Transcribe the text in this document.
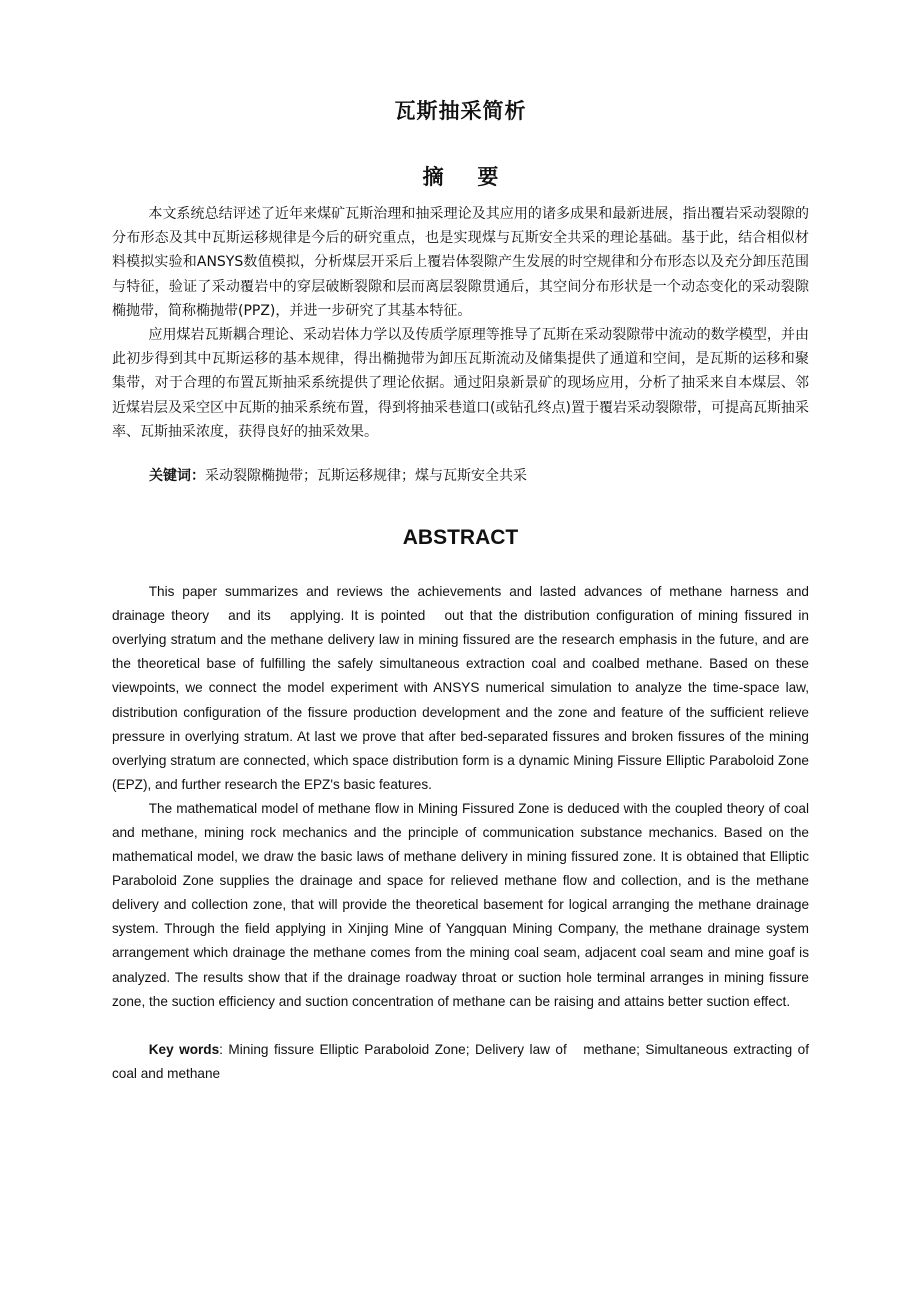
瓦斯抽采简析
摘 要

本文系统总结评述了近年来煤矿瓦斯治理和抽采理论及其应用的诸多成果和最新进展，指出覆岩采动裂隙的分布形态及其中瓦斯运移规律是今后的研究重点，也是实现煤与瓦斯安全共采的理论基础。基于此，结合相似材料模拟实验和ANSYS数值模拟，分析煤层开采后上覆岩体裂隙产生发展的时空规律和分布形态以及充分卸压范围与特征，验证了采动覆岩中的穿层破断裂隙和层而离层裂隙贯通后，其空间分布形状是一个动态变化的采动裂隙椭抛带，简称椭抛带(PPZ)，并进一步研究了其基本特征。

应用煤岩瓦斯耦合理论、采动岩体力学以及传质学原理等推导了瓦斯在采动裂隙带中流动的数学模型，并由此初步得到其中瓦斯运移的基本规律，得出椭抛带为卸压瓦斯流动及储集提供了通道和空间，是瓦斯的运移和聚集带，对于合理的布置瓦斯抽采系统提供了理论依据。通过阳泉新景矿的现场应用，分析了抽采来自本煤层、邻近煤岩层及采空区中瓦斯的抽采系统布置，得到将抽采巷道口(或钻孔终点)置于覆岩采动裂隙带，可提高瓦斯抽采率、瓦斯抽采浓度，获得良好的抽采效果。

关键词：采动裂隙椭抛带；瓦斯运移规律；煤与瓦斯安全共采

ABSTRACT

This paper summarizes and reviews the achievements and lasted advances of methane harness and drainage theory   and its   applying. It is pointed   out that the distribution configuration of mining fissured in overlying stratum and the methane delivery law in mining fissured are the research emphasis in the future, and are the theoretical base of fulfilling the safely simultaneous extraction coal and coalbed methane. Based on these viewpoints, we connect the model experiment with ANSYS numerical simulation to analyze the time-space law, distribution configuration of the fissure production development and the zone and feature of the sufficient relieve pressure in overlying stratum. At last we prove that after bed-separated fissures and broken fissures of the mining overlying stratum are connected, which space distribution form is a dynamic Mining Fissure Elliptic Paraboloid Zone (EPZ), and further research the EPZ's basic features.

The mathematical model of methane flow in Mining Fissured Zone is deduced with the coupled theory of coal and methane, mining rock mechanics and the principle of communication substance mechanics. Based on the mathematical model, we draw the basic laws of methane delivery in mining fissured zone. It is obtained that Elliptic Paraboloid Zone supplies the drainage and space for relieved methane flow and collection, and is the methane delivery and collection zone, that will provide the theoretical basement for logical arranging the methane drainage system. Through the field applying in Xinjing Mine of Yangquan Mining Company, the methane drainage system arrangement which drainage the methane comes from the mining coal seam, adjacent coal seam and mine goaf is analyzed. The results show that if the drainage roadway throat or suction hole terminal arranges in mining fissure zone, the suction efficiency and suction concentration of methane can be raising and attains better suction effect.

Key words: Mining fissure Elliptic Paraboloid Zone; Delivery law of   methane; Simultaneous extracting of coal and methane
